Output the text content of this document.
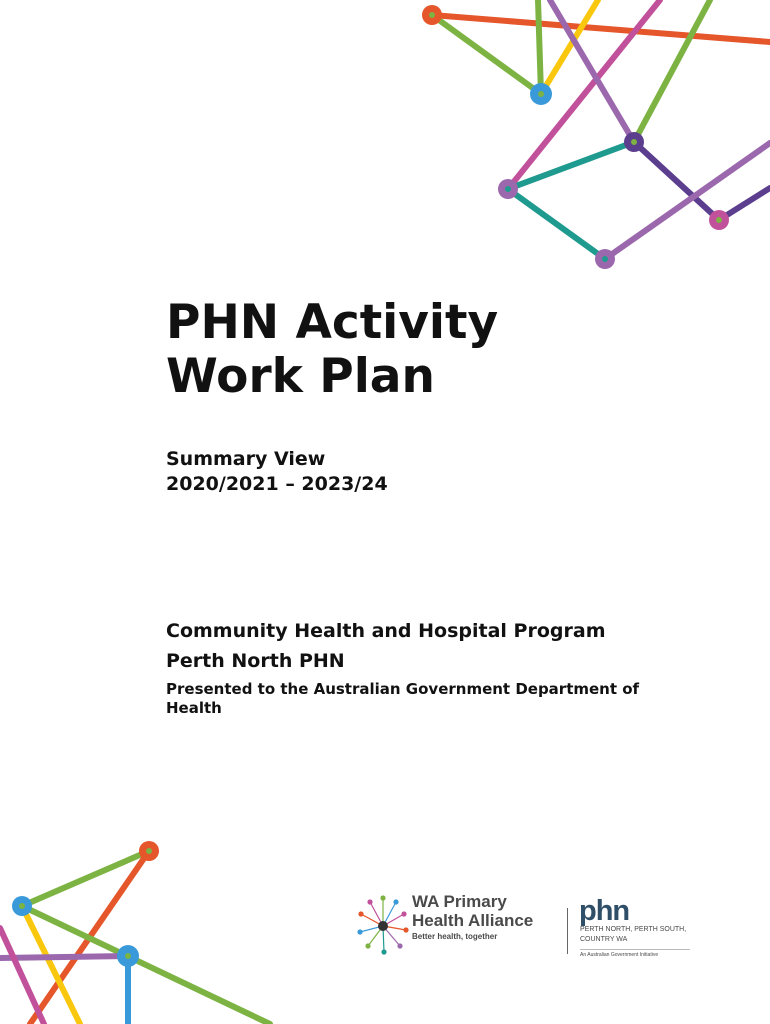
PHN Activity
Work Plan
Summary View
2020/2021 – 2023/24
Community Health and Hospital Program
Perth North PHN
Presented to the Australian Government Department of Health
WA Primary
Health Alliance
Better health, together
phn
PERTH NORTH, PERTH SOUTH,
COUNTRY WA
An Australian Government Initiative
